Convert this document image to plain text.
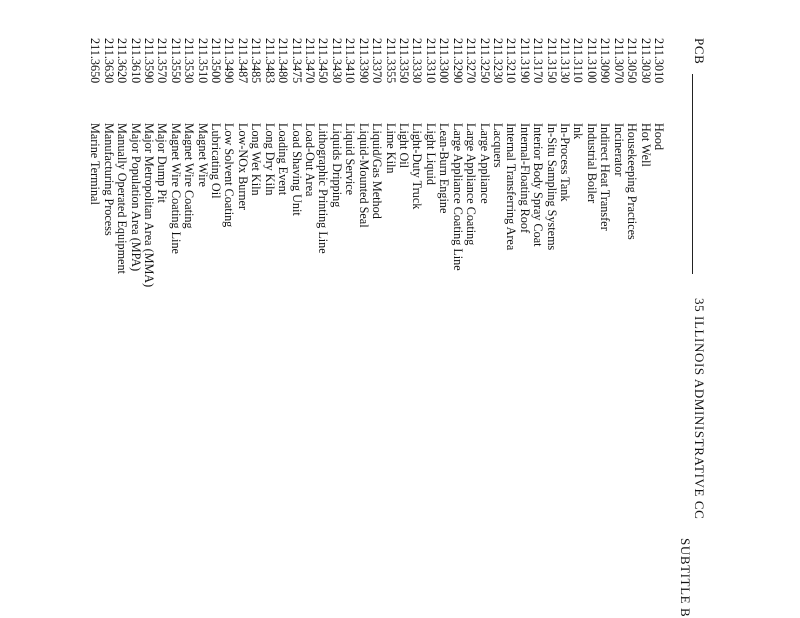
PCB
35 ILLINOIS ADMINISTRATIVE CC
SUBTITLE B
211.3010
Hood
211.3030
Hot Well
211.3050
Housekeeping Practices
211.3070
Incinerator
211.3090
Indirect Heat Transfer
211.3100
Industrial Boiler
211.3110
Ink
211.3130
In-Process Tank
211.3150
In-Situ Sampling Systems
211.3170
Interior Body Spray Coat
211.3190
Internal-Floating Roof
211.3210
Internal Transferring Area
211.3230
Lacquers
211.3250
Large Appliance
211.3270
Large Appliance Coating
211.3290
Large Appliance Coating Line
211.3300
Lean-Burn Engine
211.3310
Light Liquid
211.3330
Light-Duty Truck
211.3350
Light Oil
211.3355
Lime Kiln
211.3370
Liquid/Gas Method
211.3390
Liquid-Mounted Seal
211.3410
Liquid Service
211.3430
Liquids Dripping
211.3450
Lithographic Printing Line
211.3470
Load-Out Area
211.3475
Load Shaving Unit
211.3480
Loading Event
211.3483
Long Dry Kiln
211.3485
Long Wet Kiln
211.3487
Low-NOx Burner
211.3490
Low Solvent Coating
211.3500
Lubricating Oil
211.3510
Magnet Wire
211.3530
Magnet Wire Coating
211.3550
Magnet Wire Coating Line
211.3570
Major Dump Pit
211.3590
Major Metropolitan Area (MMA)
211.3610
Major Population Area (MPA)
211.3620
Manually Operated Equipment
211.3630
Manufacturing Process
211.3650
Marine Terminal
